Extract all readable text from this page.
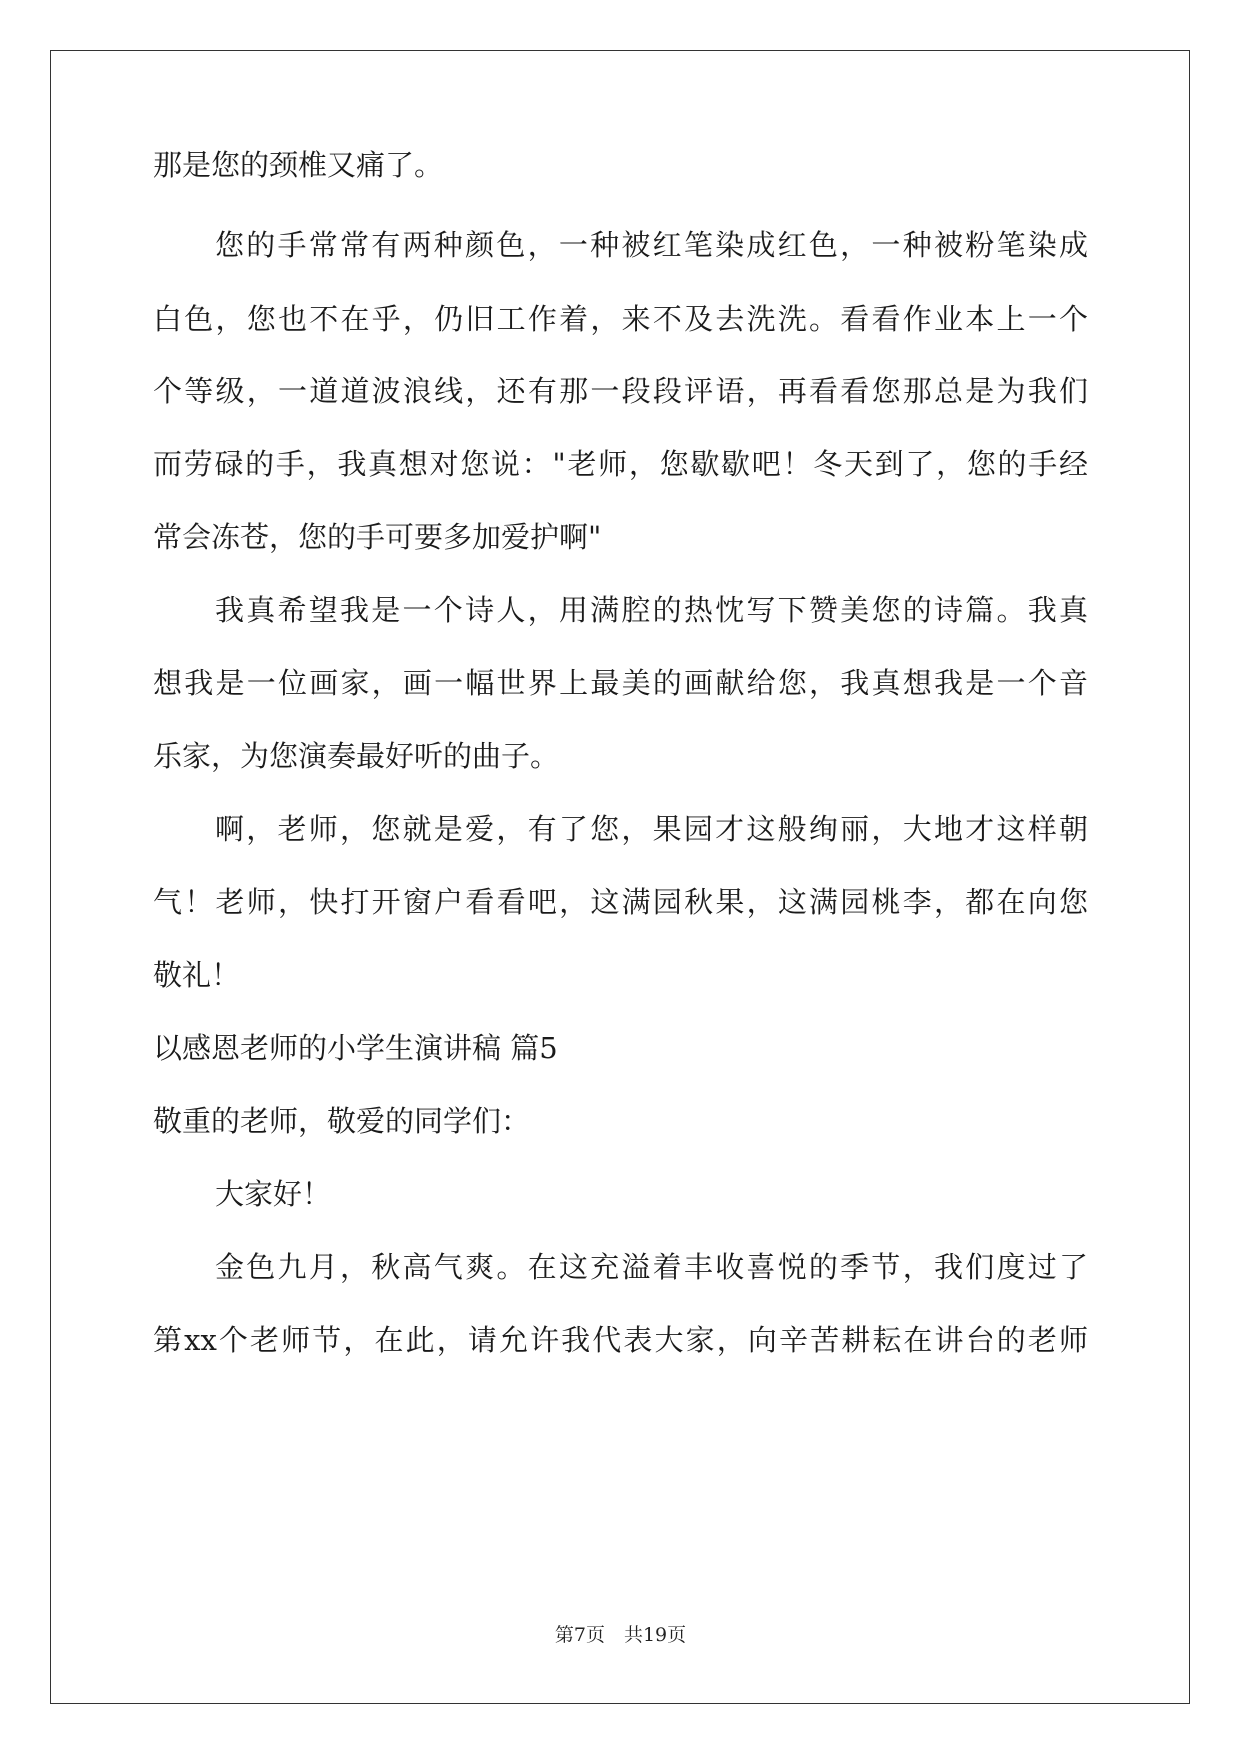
那是您的颈椎又痛了。
您的手常常有两种颜色，一种被红笔染成红色，一种被粉笔染成
白色，您也不在乎，仍旧工作着，来不及去洗洗。看看作业本上一个
个等级，一道道波浪线，还有那一段段评语，再看看您那总是为我们
而劳碌的手，我真想对您说："老师，您歇歇吧！冬天到了，您的手经
常会冻苍，您的手可要多加爱护啊"
我真希望我是一个诗人，用满腔的热忱写下赞美您的诗篇。我真
想我是一位画家，画一幅世界上最美的画献给您，我真想我是一个音
乐家，为您演奏最好听的曲子。
啊，老师，您就是爱，有了您，果园才这般绚丽，大地才这样朝
气！老师，快打开窗户看看吧，这满园秋果，这满园桃李，都在向您
敬礼！
以感恩老师的小学生演讲稿 篇5
敬重的老师，敬爱的同学们：
大家好！
金色九月，秋高气爽。在这充溢着丰收喜悦的季节，我们度过了
第xx个老师节，在此，请允许我代表大家，向辛苦耕耘在讲台的老师
第7页　共19页
